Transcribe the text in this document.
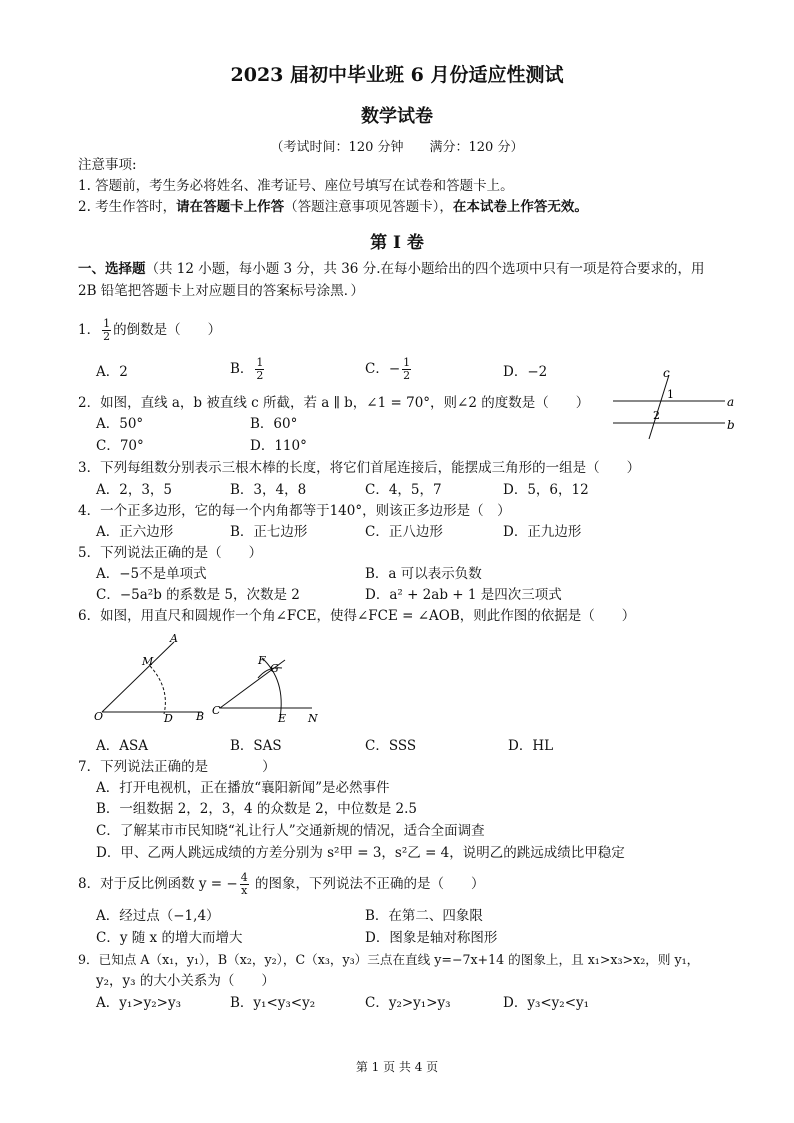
2023 届初中毕业班 6 月份适应性测试
数学试卷
（考试时间：120 分钟　　满分：120 分）
注意事项:
1. 答题前，考生务必将姓名、准考证号、座位号填写在试卷和答题卡上。
2. 考生作答时，请在答题卡上作答（答题注意事项见答题卡），在本试卷上作答无效。
第 I 卷
一、选择题（共 12 小题，每小题 3 分，共 36 分.在每小题给出的四个选项中只有一项是符合要求的，用
2B 铅笔把答题卡上对应题目的答案标号涂黑．）
1． $\frac{1}{2}$ 的倒数是（　　）
A．2	B． $\frac{1}{2}$	C．− $\frac{1}{2}$	D．−2
2．如图，直线 a，b 被直线 c 所截，若 a ∥ b，∠1 = 70°，则∠2 的度数是（　　）
A．50°	B．60°
C．70°	D．110°
a
b
c
1
2
3．下列每组数分别表示三根木棒的长度，将它们首尾连接后，能摆成三角形的一组是（　　）
A．2，3，5	B．3，4，8	C．4，5，7	D．5，6，12
4．一个正多边形，它的每一个内角都等于140°，则该正多边形是（　）
A．正六边形	B．正七边形	C．正八边形	D．正九边形
5．下列说法正确的是（　　）
A．−5不是单项式	B．a 可以表示负数
C．−5a²b 的系数是 5，次数是 2	D．a² + 2ab + 1 是四次三项式
6．如图，用直尺和圆规作一个角∠FCE，使得∠FCE = ∠AOB，则此作图的依据是（　　）
A
M
O	D B
F
G
C
E N
A．ASA	B．SAS	C．SSS	D．HL
7．下列说法正确的是　　　　）
A．打开电视机，正在播放“襄阳新闻”是必然事件
B．一组数据 2，2，3，4 的众数是 2，中位数是 2.5
C．了解某市市民知晓“礼让行人”交通新规的情况，适合全面调查
D．甲、乙两人跳远成绩的方差分别为 s²甲 = 3，s²乙 = 4，说明乙的跳远成绩比甲稳定
8．对于反比例函数 y = − $\frac{4}{x}$ 的图象，下列说法不正确的是（　　）
A．经过点（−1,4）	B．在第二、四象限
C．y 随 x 的增大而增大	D．图象是轴对称图形
9．已知点 A（x₁，y₁），B（x₂，y₂），C（x₃，y₃）三点在直线 y=−7x+14 的图象上，且 x₁>x₃>x₂，则 y₁，
y₂，y₃ 的大小关系为（　　）
A．y₁>y₂>y₃	B．y₁<y₃<y₂	C．y₂>y₁>y₃	D．y₃<y₂<y₁
第 1 页 共 4 页
